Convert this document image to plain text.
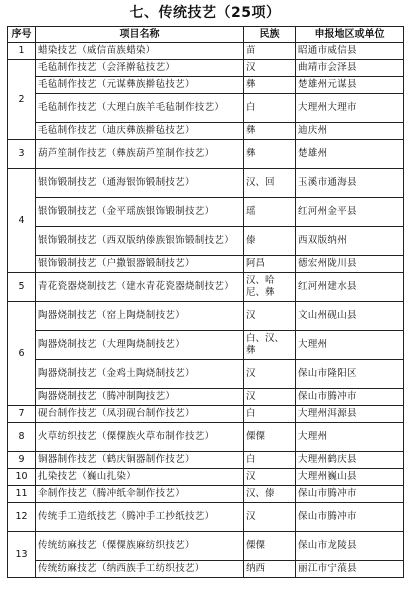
七、传统技艺（25项）
序号	项目名称	民族	申报地区或单位
1	蜡染技艺（威信苗族蜡染）	苗	昭通市威信县
2	毛毡制作技艺（会泽擀毡技艺）	汉	曲靖市会泽县
	毛毡制作技艺（元谋彝族擀毡技艺）	彝	楚雄州元谋县
	毛毡制作技艺（大理白族羊毛毡制作技艺）	白	大理州大理市
	毛毡制作技艺（迪庆彝族擀毡技艺）	彝	迪庆州
3	葫芦笙制作技艺（彝族葫芦笙制作技艺）	彝	楚雄州
4	银饰锻制技艺（通海银饰锻制技艺）	汉、回	玉溪市通海县
	银饰锻制技艺（金平瑶族银饰锻制技艺）	瑶	红河州金平县
	银饰锻制技艺（西双版纳傣族银饰锻制技艺）	傣	西双版纳州
	银饰锻制技艺（户撒银器锻制技艺）	阿昌	德宏州陇川县
5	青花瓷器烧制技艺（建水青花瓷器烧制技艺）	汉、哈尼、彝	红河州建水县
6	陶器烧制技艺（窑上陶烧制技艺）	汉	文山州砚山县
	陶器烧制技艺（大理陶烧制技艺）	白、汉、彝	大理州
	陶器烧制技艺（金鸡土陶烧制技艺）	汉	保山市隆阳区
	陶器烧制技艺（腾冲制陶技艺）	汉	保山市腾冲市
7	砚台制作技艺（凤羽砚台制作技艺）	白	大理州洱源县
8	火草纺织技艺（傈僳族火草布制作技艺）	傈僳	大理州
9	铜器制作技艺（鹤庆铜器制作技艺）	白	大理州鹤庆县
10	扎染技艺（巍山扎染）	汉	大理州巍山县
11	伞制作技艺（腾冲纸伞制作技艺）	汉、傣	保山市腾冲市
12	传统手工造纸技艺（腾冲手工抄纸技艺）	汉	保山市腾冲市
13	传统纺麻技艺（傈僳族麻纺织技艺）	傈僳	保山市龙陵县
	传统纺麻技艺（纳西族手工纺织技艺）	纳西	丽江市宁蒗县
